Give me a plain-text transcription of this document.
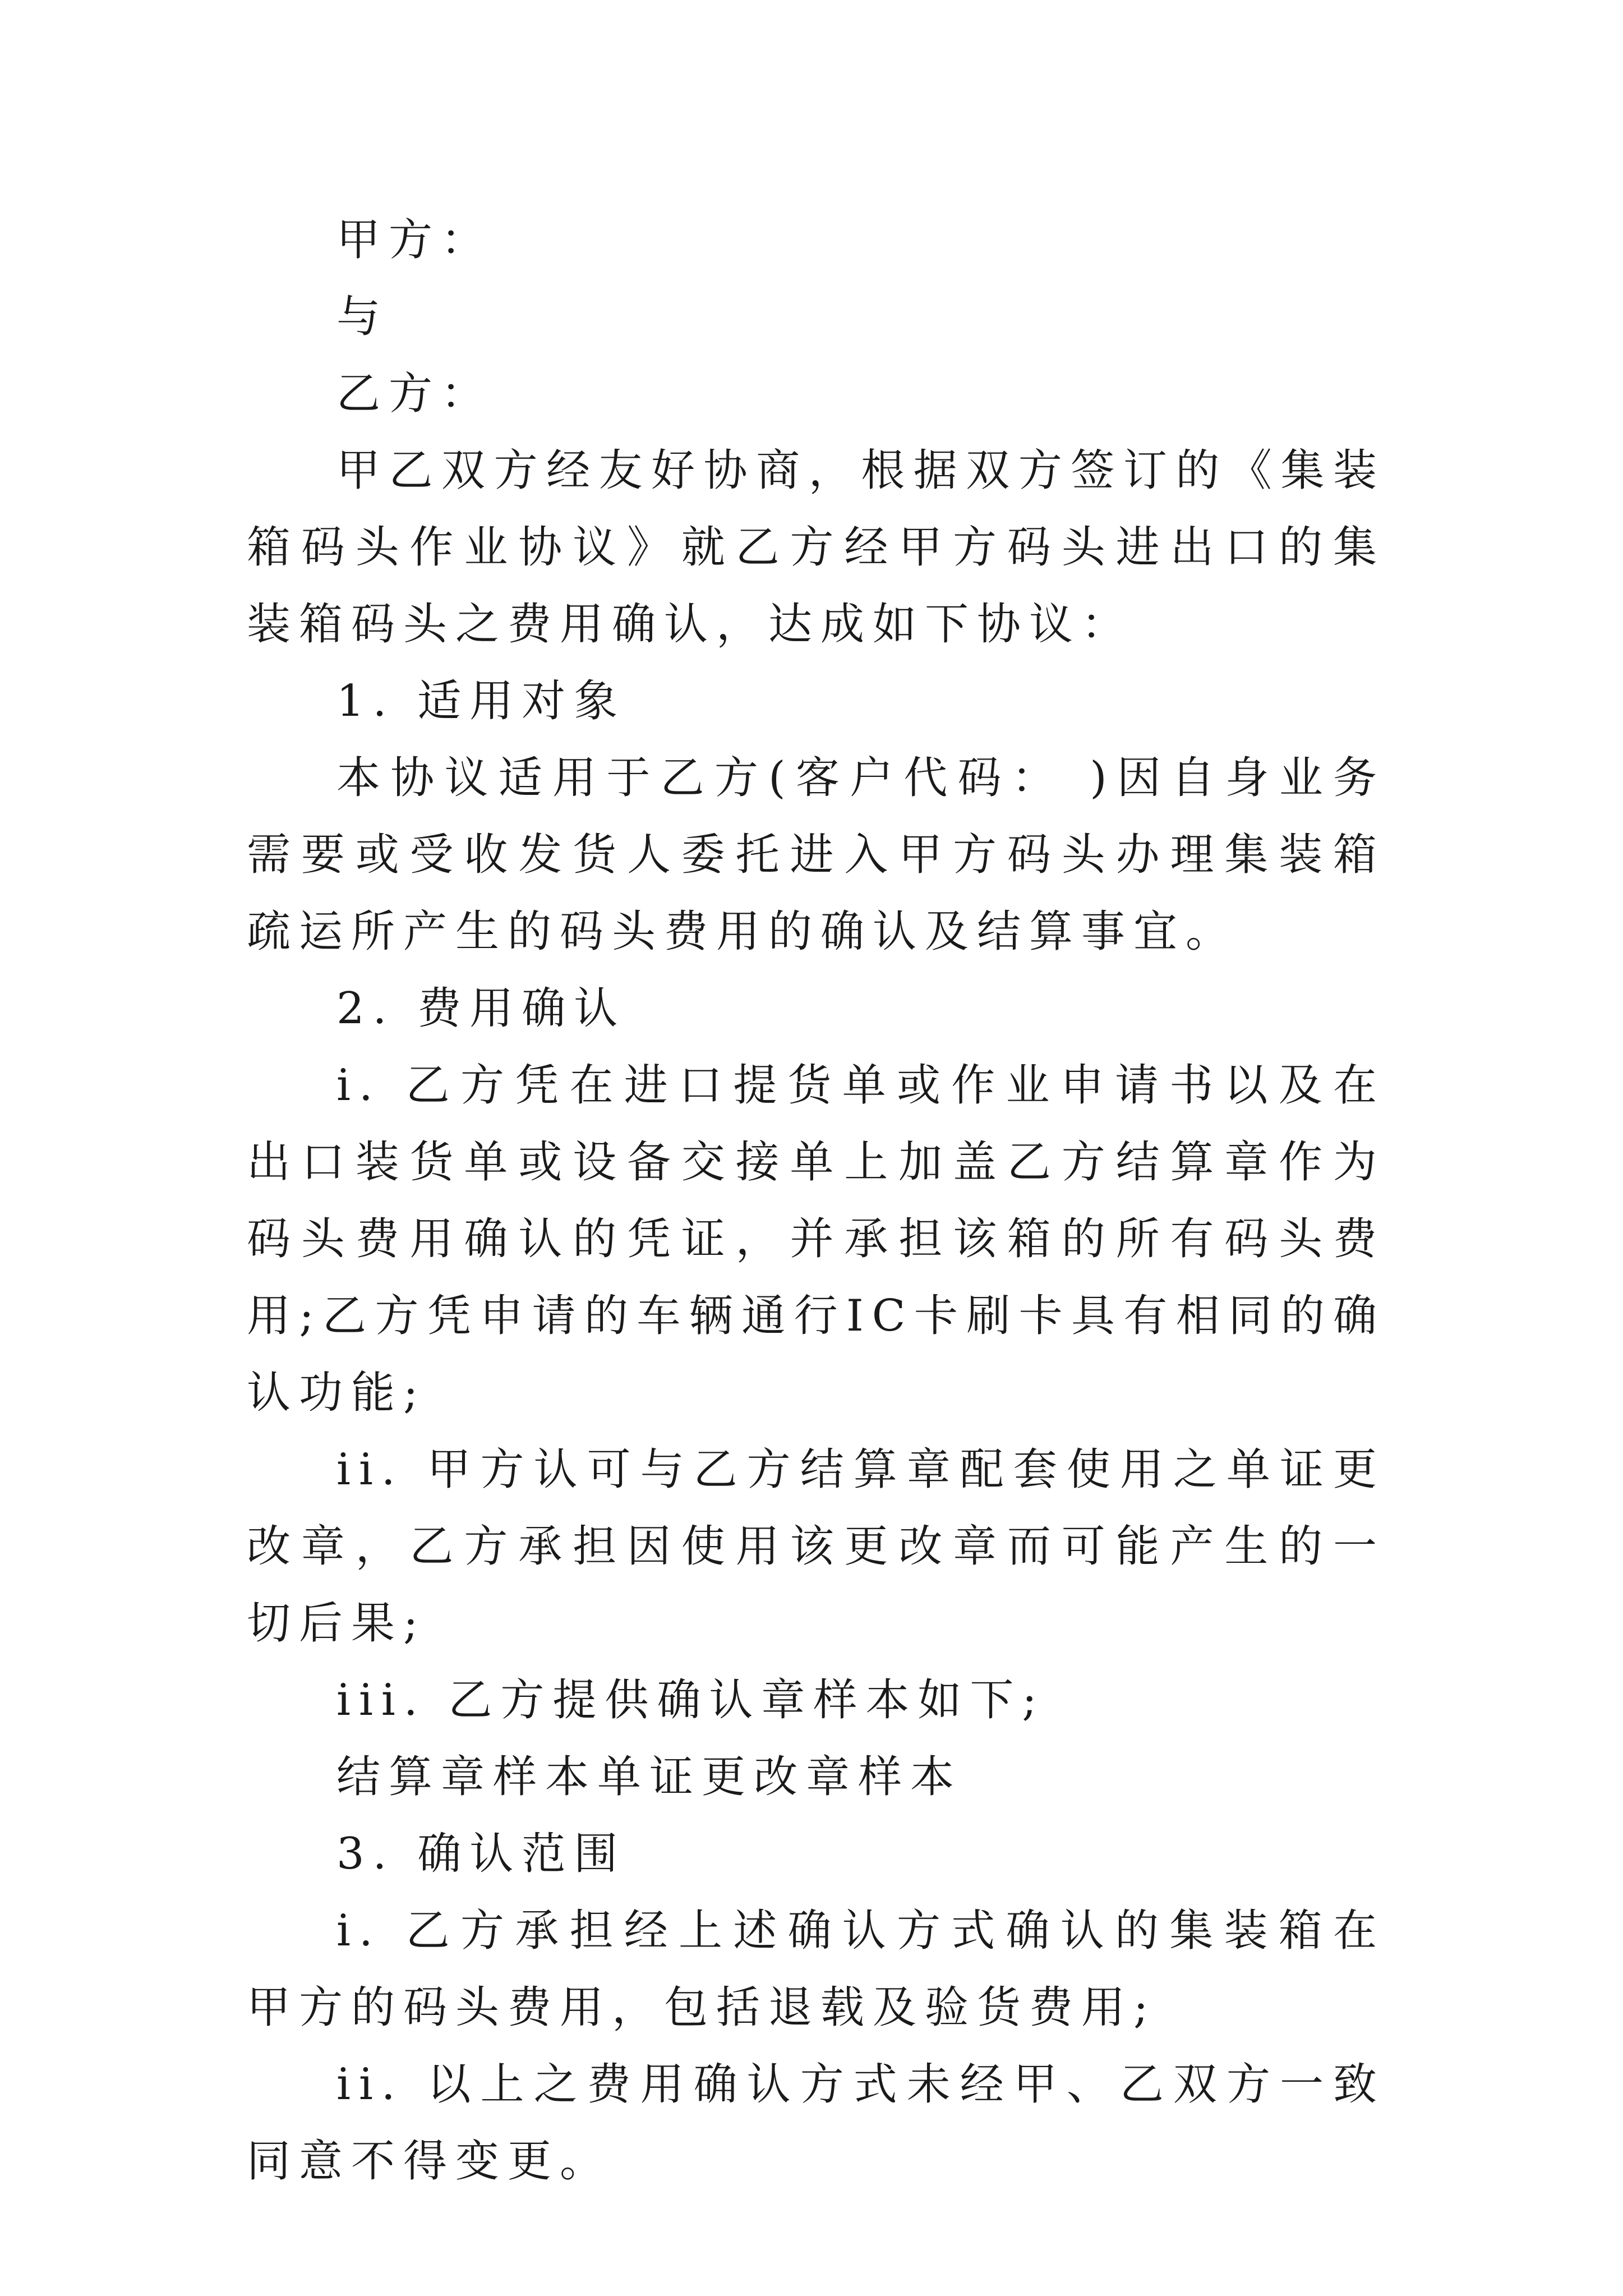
甲方：

与

乙方：

甲乙双方经友好协商，根据双方签订的《集装箱码头作业协议》就乙方经甲方码头进出口的集装箱码头之费用确认，达成如下协议：

1. 适用对象

本协议适用于乙方(客户代码： )因自身业务需要或受收发货人委托进入甲方码头办理集装箱疏运所产生的码头费用的确认及结算事宜。

2. 费用确认

i. 乙方凭在进口提货单或作业申请书以及在出口装货单或设备交接单上加盖乙方结算章作为码头费用确认的凭证，并承担该箱的所有码头费用;乙方凭申请的车辆通行IC卡刷卡具有相同的确认功能;

ii. 甲方认可与乙方结算章配套使用之单证更改章，乙方承担因使用该更改章而可能产生的一切后果;

iii. 乙方提供确认章样本如下;

结算章样本单证更改章样本

3. 确认范围

i. 乙方承担经上述确认方式确认的集装箱在甲方的码头费用，包括退载及验货费用;

ii. 以上之费用确认方式未经甲、乙双方一致同意不得变更。
